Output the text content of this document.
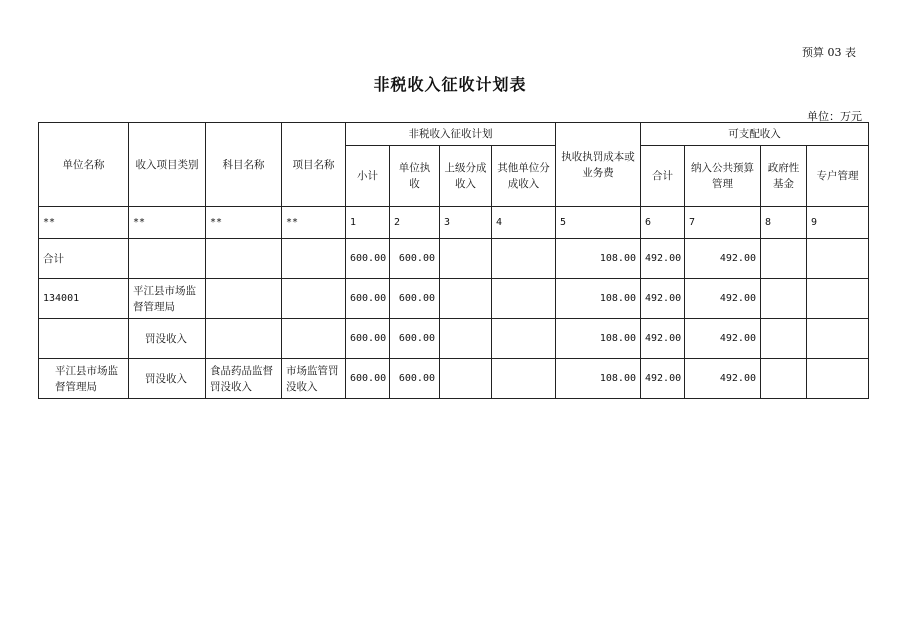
预算 03 表
非税收入征收计划表
单位：万元
单位名称	收入项目类别	科目名称	项目名称	非税收入征收计划				执收执罚成本或业务费	可支配收入			
				小计	单位执收	上级分成收入	其他单位分成收入		合计	纳入公共预算管理	政府性基金	专户管理
**	**	**	**	1	2	3	4	5	6	7	8	9
合计				600.00	600.00			108.00	492.00	492.00		
134001	平江县市场监督管理局			600.00	600.00			108.00	492.00	492.00		
	罚没收入			600.00	600.00			108.00	492.00	492.00		
平江县市场监督管理局	罚没收入	食品药品监督罚没收入	市场监管罚没收入	600.00	600.00			108.00	492.00	492.00		
